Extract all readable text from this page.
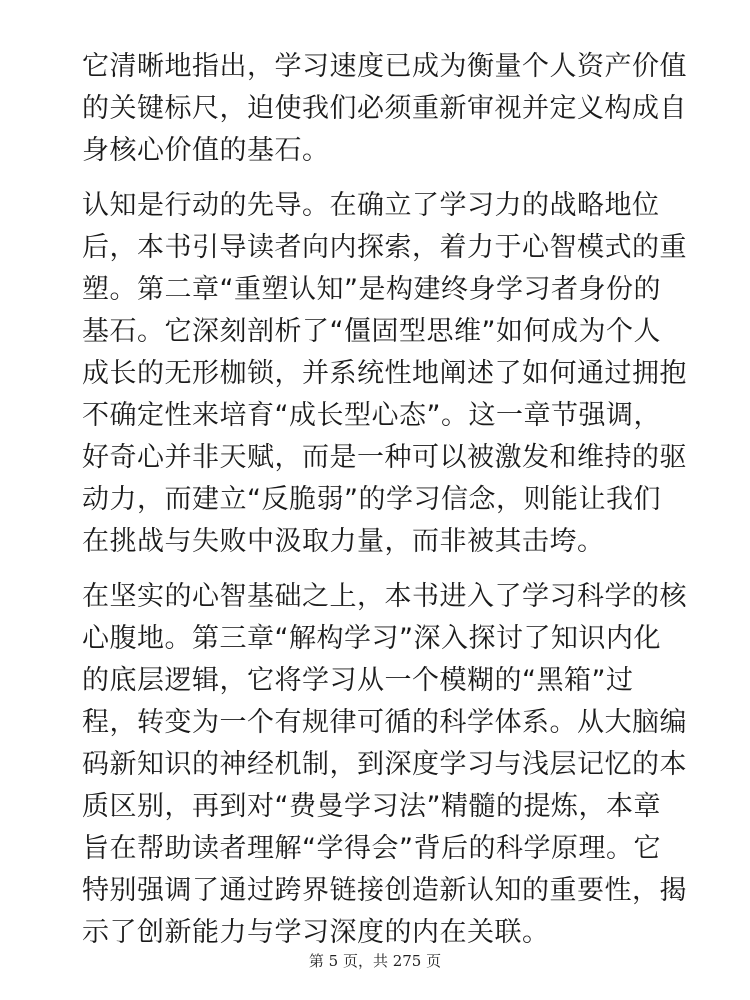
它清晰地指出，学习速度已成为衡量个人资产价值
的关键标尺，迫使我们必须重新审视并定义构成自
身核心价值的基石。

认知是行动的先导。在确立了学习力的战略地位
后，本书引导读者向内探索，着力于心智模式的重
塑。第二章“重塑认知”是构建终身学习者身份的
基石。它深刻剖析了“僵固型思维”如何成为个人
成长的无形枷锁，并系统性地阐述了如何通过拥抱
不确定性来培育“成长型心态”。这一章节强调，
好奇心并非天赋，而是一种可以被激发和维持的驱
动力，而建立“反脆弱”的学习信念，则能让我们
在挑战与失败中汲取力量，而非被其击垮。

在坚实的心智基础之上，本书进入了学习科学的核
心腹地。第三章“解构学习”深入探讨了知识内化
的底层逻辑，它将学习从一个模糊的“黑箱”过
程，转变为一个有规律可循的科学体系。从大脑编
码新知识的神经机制，到深度学习与浅层记忆的本
质区别，再到对“费曼学习法”精髓的提炼，本章
旨在帮助读者理解“学得会”背后的科学原理。它
特别强调了通过跨界链接创造新认知的重要性，揭
示了创新能力与学习深度的内在关联。

第 5 页，共 275 页
